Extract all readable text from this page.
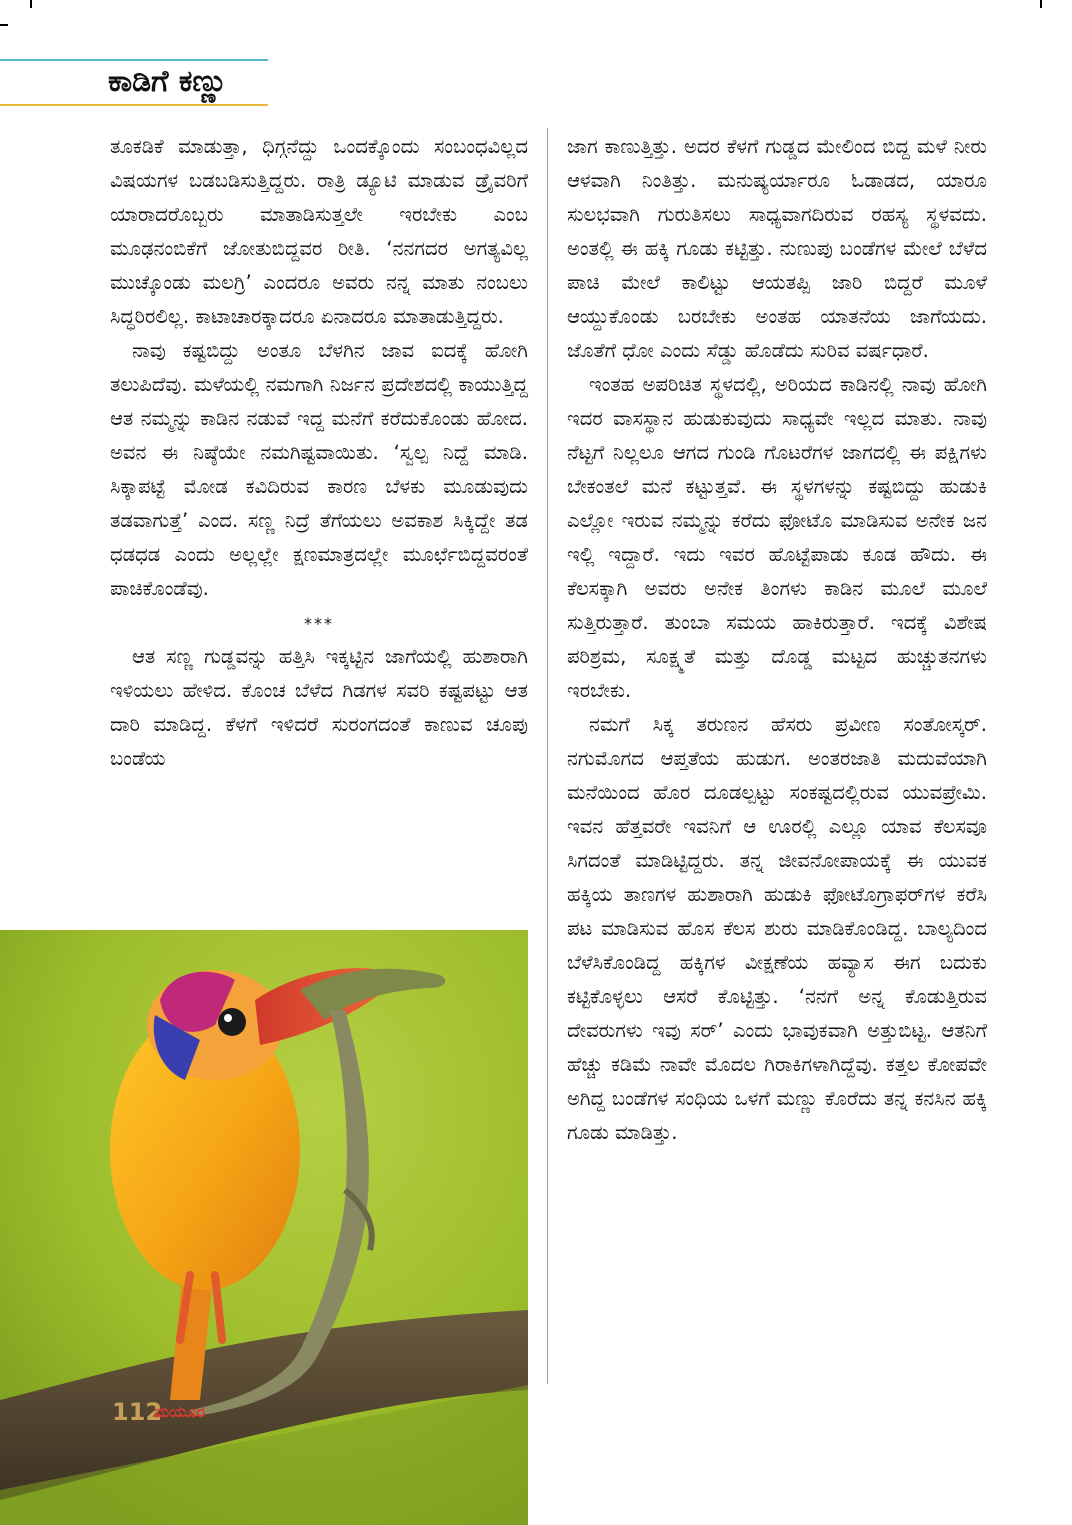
ಕಾಡಿಗೆ ಕಣ್ಣು

ತೂಕಡಿಕೆ ಮಾಡುತ್ತಾ, ಧಿಗ್ಗನೆದ್ದು ಒಂದಕ್ಕೊಂದು ಸಂಬಂಧವಿಲ್ಲದ ವಿಷಯಗಳ ಬಡಬಡಿಸುತ್ತಿದ್ದರು. ರಾತ್ರಿ ಡ್ಯೂಟಿ ಮಾಡುವ ಡ್ರೈವರಿಗೆ ಯಾರಾದರೊಬ್ಬರು ಮಾತಾಡಿಸುತ್ತಲೇ ಇರಬೇಕು ಎಂಬ ಮೂಢನಂಬಿಕೆಗೆ ಜೋತುಬಿದ್ದವರ ರೀತಿ. ‘ನನಗದರ ಅಗತ್ಯವಿಲ್ಲ ಮುಚ್ಕೊಂಡು ಮಲಗ್ರಿ’ ಎಂದರೂ ಅವರು ನನ್ನ ಮಾತು ನಂಬಲು ಸಿದ್ಧರಿರಲಿಲ್ಲ. ಕಾಟಾಚಾರಕ್ಕಾದರೂ ಏನಾದರೂ ಮಾತಾಡುತ್ತಿದ್ದರು.

ನಾವು ಕಷ್ಟಬಿದ್ದು ಅಂತೂ ಬೆಳಗಿನ ಜಾವ ಐದಕ್ಕೆ ಹೋಗಿ ತಲುಪಿದೆವು. ಮಳೆಯಲ್ಲಿ ನಮಗಾಗಿ ನಿರ್ಜನ ಪ್ರದೇಶದಲ್ಲಿ ಕಾಯುತ್ತಿದ್ದ ಆತ ನಮ್ಮನ್ನು ಕಾಡಿನ ನಡುವೆ ಇದ್ದ ಮನೆಗೆ ಕರೆದುಕೊಂಡು ಹೋದ. ಅವನ ಈ ನಿಷ್ಠೆಯೇ ನಮಗಿಷ್ಟವಾಯಿತು. ‘ಸ್ವಲ್ಪ ನಿದ್ದೆ ಮಾಡಿ. ಸಿಕ್ಕಾಪಟ್ಟೆ ಮೋಡ ಕವಿದಿರುವ ಕಾರಣ ಬೆಳಕು ಮೂಡುವುದು ತಡವಾಗುತ್ತೆ’ ಎಂದ. ಸಣ್ಣ ನಿದ್ರೆ ತೆಗೆಯಲು ಅವಕಾಶ ಸಿಕ್ಕಿದ್ದೇ ತಡ ಧಡಧಡ ಎಂದು ಅಲ್ಲಲ್ಲೇ ಕ್ಷಣಮಾತ್ರದಲ್ಲೇ ಮೂರ್ಛೆಬಿದ್ದವರಂತೆ ಪಾಚಿಕೊಂಡೆವು.

***

ಆತ ಸಣ್ಣ ಗುಡ್ಡವನ್ನು ಹತ್ತಿಸಿ ಇಕ್ಕಟ್ಟಿನ ಜಾಗೆಯಲ್ಲಿ ಹುಶಾರಾಗಿ ಇಳಿಯಲು ಹೇಳಿದ. ಕೊಂಚ ಬೆಳೆದ ಗಿಡಗಳ ಸವರಿ ಕಷ್ಟಪಟ್ಟು ಆತ ದಾರಿ ಮಾಡಿದ್ದ. ಕೆಳಗೆ ಇಳಿದರೆ ಸುರಂಗದಂತೆ ಕಾಣುವ ಚೂಪು ಬಂಡೆಯ

ಜಾಗ ಕಾಣುತ್ತಿತ್ತು. ಅದರ ಕೆಳಗೆ ಗುಡ್ಡದ ಮೇಲಿಂದ ಬಿದ್ದ ಮಳೆ ನೀರು ಆಳವಾಗಿ ನಿಂತಿತ್ತು. ಮನುಷ್ಯರ್ಯಾರೂ ಓಡಾಡದ, ಯಾರೂ ಸುಲಭವಾಗಿ ಗುರುತಿಸಲು ಸಾಧ್ಯವಾಗದಿರುವ ರಹಸ್ಯ ಸ್ಥಳವದು. ಅಂತಲ್ಲಿ ಈ ಹಕ್ಕಿ ಗೂಡು ಕಟ್ಟಿತ್ತು. ನುಣುಪು ಬಂಡೆಗಳ ಮೇಲೆ ಬೆಳೆದ ಪಾಚಿ ಮೇಲೆ ಕಾಲಿಟ್ಟು ಆಯತಪ್ಪಿ ಜಾರಿ ಬಿದ್ದರೆ ಮೂಳೆ ಆಯ್ದುಕೊಂಡು ಬರಬೇಕು ಅಂತಹ ಯಾತನೆಯ ಜಾಗೆಯದು. ಜೊತೆಗೆ ಧೋ ಎಂದು ಸೆಡ್ಡು ಹೊಡೆದು ಸುರಿವ ವರ್ಷಧಾರೆ.

ಇಂತಹ ಅಪರಿಚಿತ ಸ್ಥಳದಲ್ಲಿ, ಅರಿಯದ ಕಾಡಿನಲ್ಲಿ ನಾವು ಹೋಗಿ ಇದರ ವಾಸಸ್ಥಾನ ಹುಡುಕುವುದು ಸಾಧ್ಯವೇ ಇಲ್ಲದ ಮಾತು. ನಾವು ನೆಟ್ಟಗೆ ನಿಲ್ಲಲೂ ಆಗದ ಗುಂಡಿ ಗೊಟರೆಗಳ ಜಾಗದಲ್ಲಿ ಈ ಪಕ್ಷಿಗಳು ಬೇಕಂತಲೆ ಮನೆ ಕಟ್ಟುತ್ತವೆ. ಈ ಸ್ಥಳಗಳನ್ನು ಕಷ್ಟಬಿದ್ದು ಹುಡುಕಿ ಎಲ್ಲೋ ಇರುವ ನಮ್ಮನ್ನು ಕರೆದು ಫೋಟೊ ಮಾಡಿಸುವ ಅನೇಕ ಜನ ಇಲ್ಲಿ ಇದ್ದಾರೆ. ಇದು ಇವರ ಹೊಟ್ಟೆಪಾಡು ಕೂಡ ಹೌದು. ಈ ಕೆಲಸಕ್ಕಾಗಿ ಅವರು ಅನೇಕ ತಿಂಗಳು ಕಾಡಿನ ಮೂಲೆ ಮೂಲೆ ಸುತ್ತಿರುತ್ತಾರೆ. ತುಂಬಾ ಸಮಯ ಹಾಕಿರುತ್ತಾರೆ. ಇದಕ್ಕೆ ವಿಶೇಷ ಪರಿಶ್ರಮ, ಸೂಕ್ಷ್ಮತೆ ಮತ್ತು ದೊಡ್ಡ ಮಟ್ಟದ ಹುಚ್ಚುತನಗಳು ಇರಬೇಕು.

ನಮಗೆ ಸಿಕ್ಕ ತರುಣನ ಹೆಸರು ಪ್ರವೀಣ ಸಂತೋಸ್ಕರ್. ನಗುಮೊಗದ ಆಪ್ತತೆಯ ಹುಡುಗ. ಅಂತರಜಾತಿ ಮದುವೆಯಾಗಿ ಮನೆಯಿಂದ ಹೊರ ದೂಡಲ್ಪಟ್ಟು ಸಂಕಷ್ಟದಲ್ಲಿರುವ ಯುವಪ್ರೇಮಿ. ಇವನ ಹೆತ್ತವರೇ ಇವನಿಗೆ ಆ ಊರಲ್ಲಿ ಎಲ್ಲೂ ಯಾವ ಕೆಲಸವೂ ಸಿಗದಂತೆ ಮಾಡಿಟ್ಟಿದ್ದರು. ತನ್ನ ಜೀವನೋಪಾಯಕ್ಕೆ ಈ ಯುವಕ ಹಕ್ಕಿಯ ತಾಣಗಳ ಹುಶಾರಾಗಿ ಹುಡುಕಿ ಫೋಟೊಗ್ರಾಫರ್‌ಗಳ ಕರೆಸಿ ಪಟ ಮಾಡಿಸುವ ಹೊಸ ಕೆಲಸ ಶುರು ಮಾಡಿಕೊಂಡಿದ್ದ. ಬಾಲ್ಯದಿಂದ ಬೆಳೆಸಿಕೊಂಡಿದ್ದ ಹಕ್ಕಿಗಳ ವೀಕ್ಷಣೆಯ ಹವ್ಯಾಸ ಈಗ ಬದುಕು ಕಟ್ಟಿಕೊಳ್ಳಲು ಆಸರೆ ಕೊಟ್ಟಿತ್ತು. ‘ನನಗೆ ಅನ್ನ ಕೊಡುತ್ತಿರುವ ದೇವರುಗಳು ಇವು ಸರ್’ ಎಂದು ಭಾವುಕವಾಗಿ ಅತ್ತುಬಿಟ್ಟ. ಆತನಿಗೆ ಹೆಚ್ಚು ಕಡಿಮೆ ನಾವೇ ಮೊದಲ ಗಿರಾಕಿಗಳಾಗಿದ್ದೆವು. ಕತ್ತಲ ಕೋಪವೇ ಅಗಿದ್ದ ಬಂಡೆಗಳ ಸಂಧಿಯ ಒಳಗೆ ಮಣ್ಣು ಕೊರೆದು ತನ್ನ ಕನಸಿನ ಹಕ್ಕಿ ಗೂಡು ಮಾಡಿತ್ತು.

112
ಮಯೂರ
